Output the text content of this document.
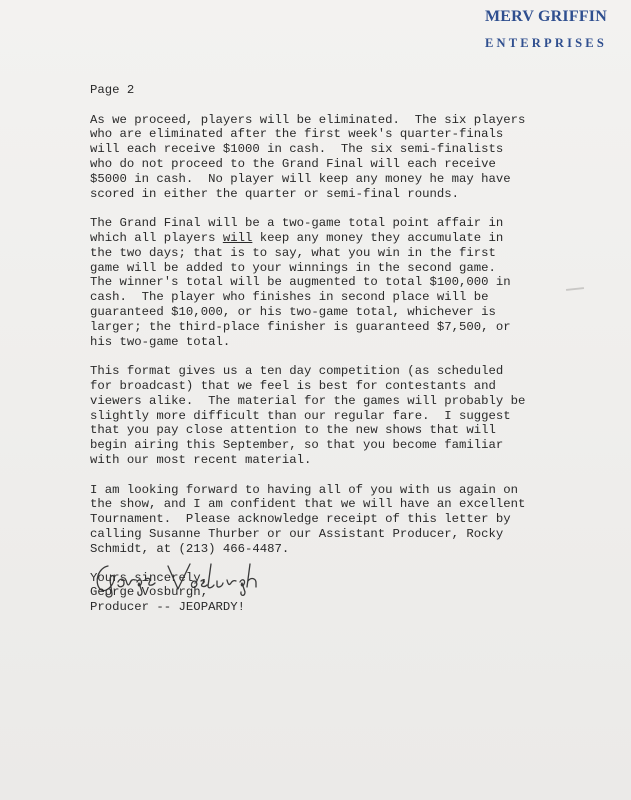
MERV GRIFFIN
ENTERPRISES
Page 2
As we proceed, players will be eliminated.  The six players
who are eliminated after the first week's quarter-finals
will each receive $1000 in cash.  The six semi-finalists
who do not proceed to the Grand Final will each receive
$5000 in cash.  No player will keep any money he may have
scored in either the quarter or semi-final rounds.
The Grand Final will be a two-game total point affair in
which all players will keep any money they accumulate in
the two days; that is to say, what you win in the first
game will be added to your winnings in the second game.
The winner's total will be augmented to total $100,000 in
cash.  The player who finishes in second place will be
guaranteed $10,000, or his two-game total, whichever is
larger; the third-place finisher is guaranteed $7,500, or
his two-game total.
This format gives us a ten day competition (as scheduled
for broadcast) that we feel is best for contestants and
viewers alike.  The material for the games will probably be
slightly more difficult than our regular fare.  I suggest
that you pay close attention to the new shows that will
begin airing this September, so that you become familiar
with our most recent material.
I am looking forward to having all of you with us again on
the show, and I am confident that we will have an excellent
Tournament.  Please acknowledge receipt of this letter by
calling Susanne Thurber or our Assistant Producer, Rocky
Schmidt, at (213) 466-4487.
Yours sincerely,
George Vosburgh,
Producer -- JEOPARDY!
